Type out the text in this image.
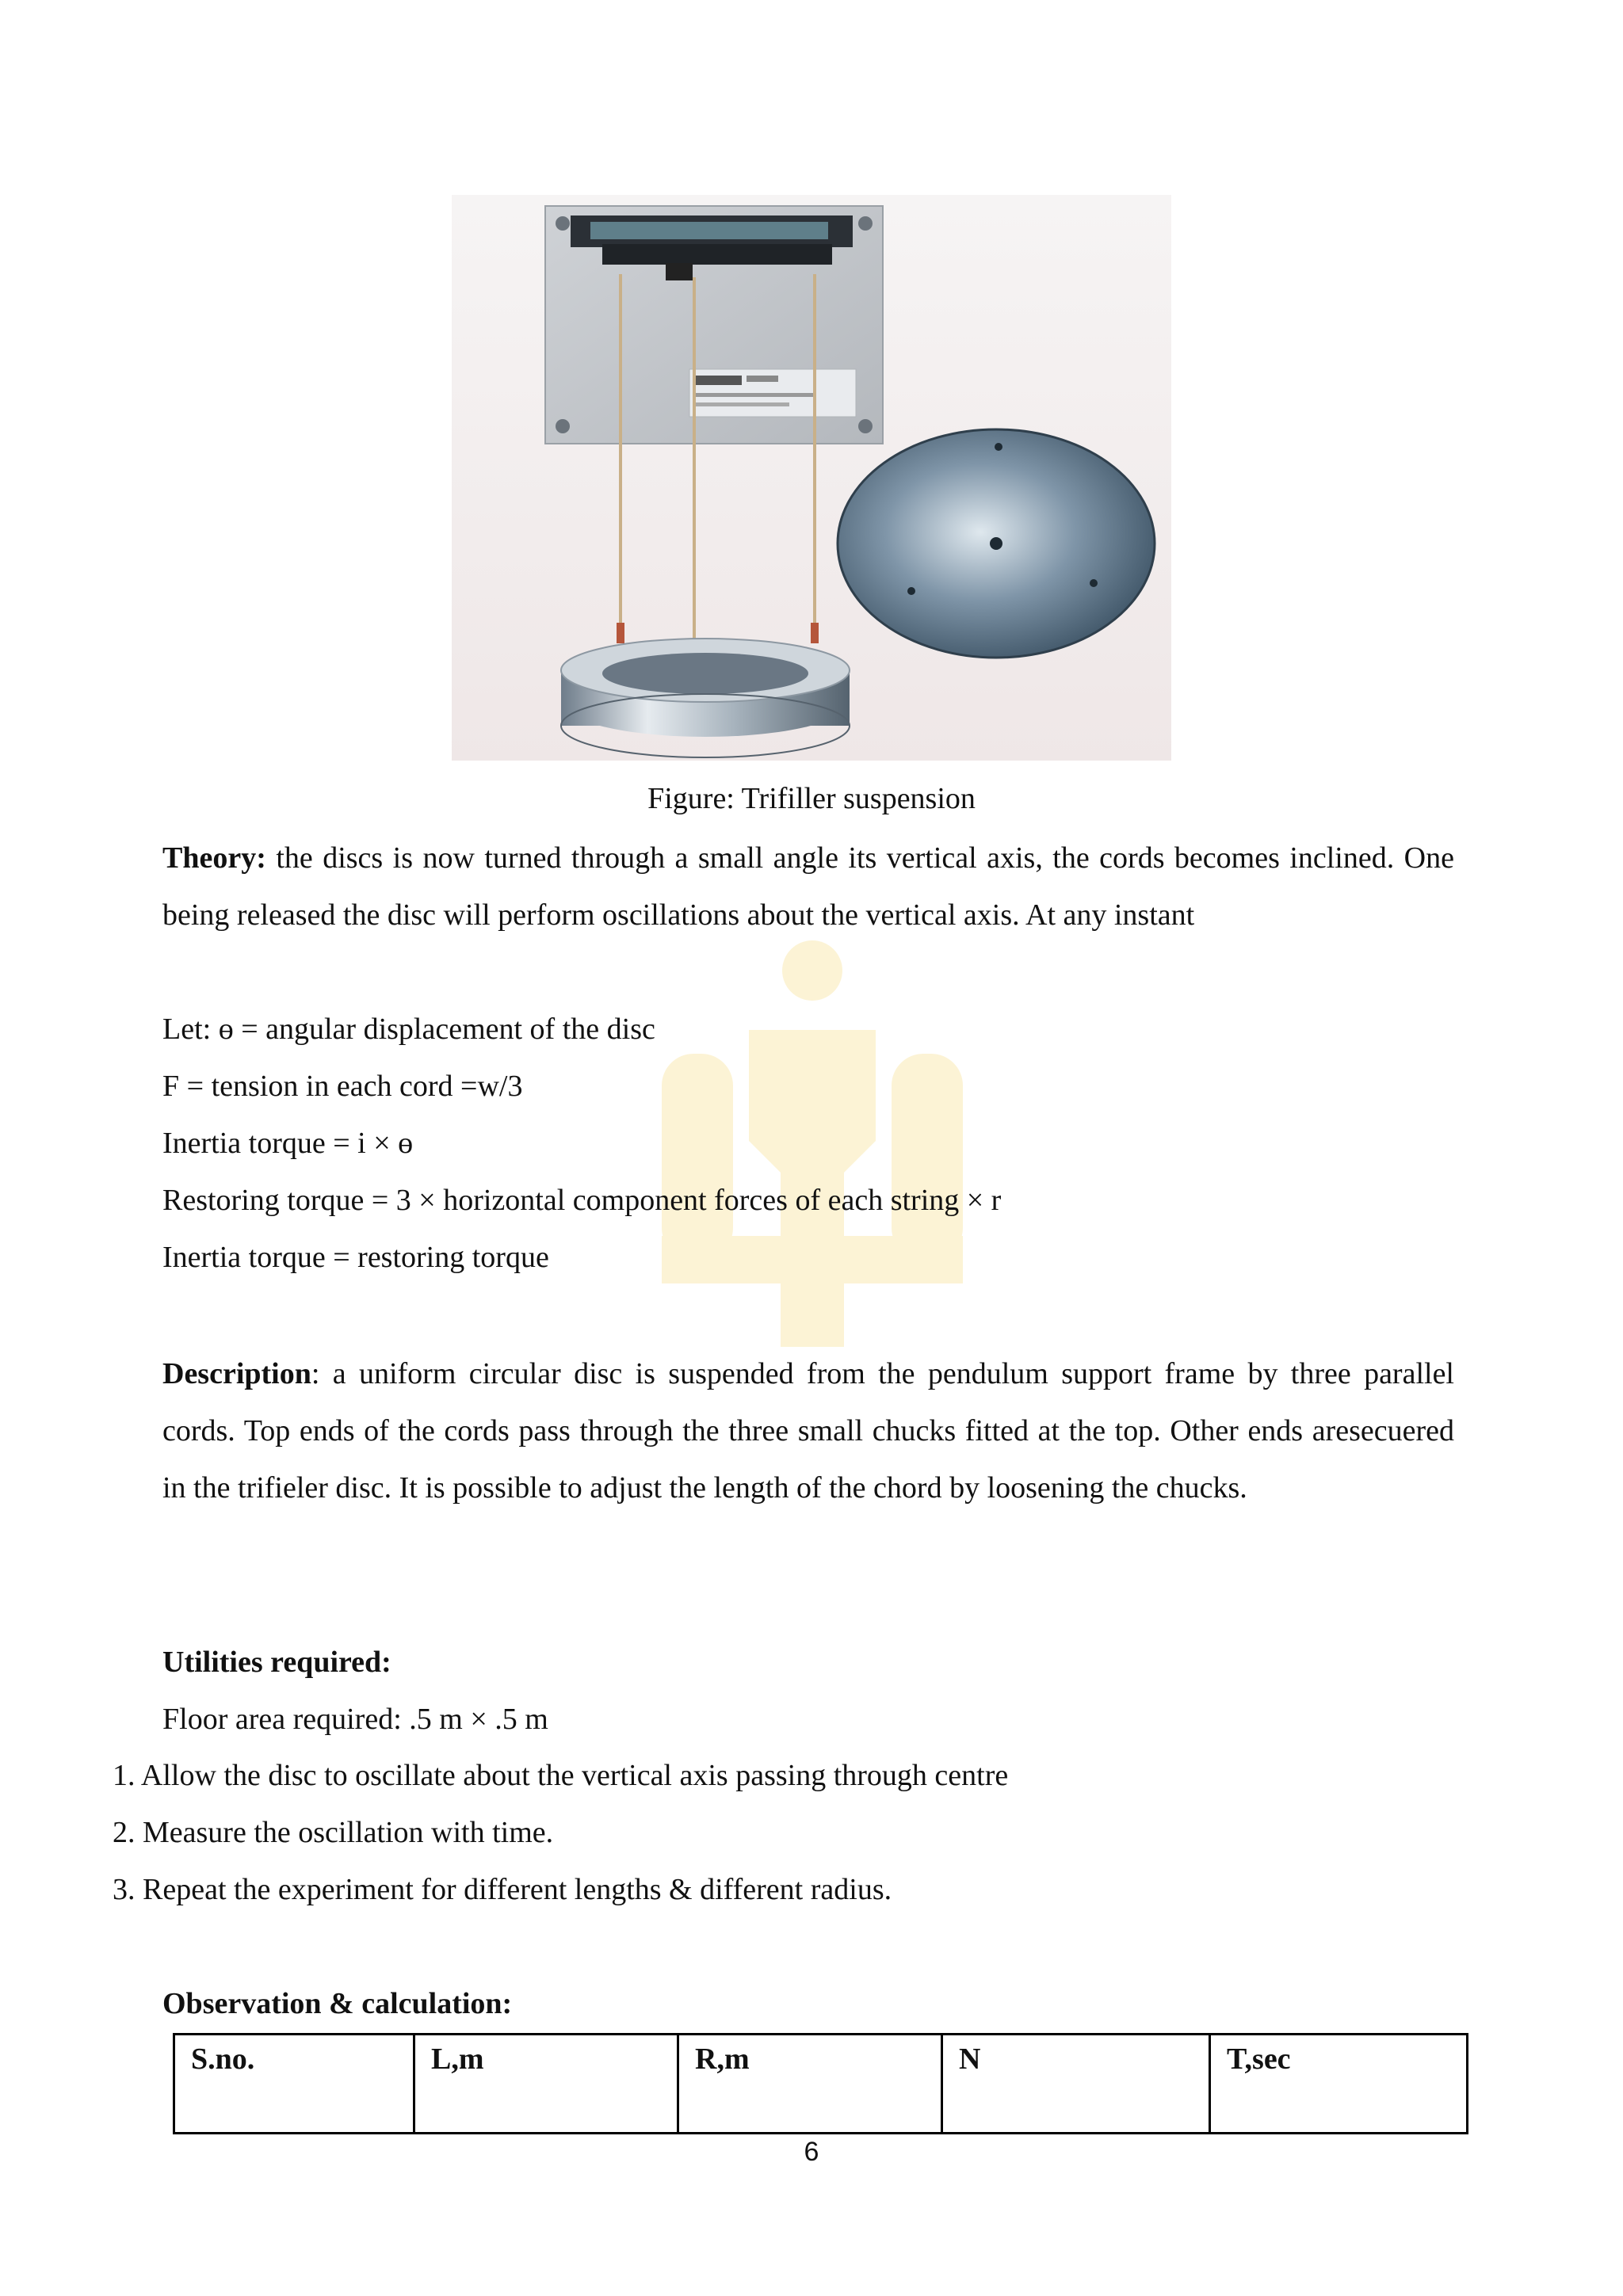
Figure: Trifiller suspension
Theory: the discs is now turned through a small angle its vertical axis, the cords becomes inclined. One being released the disc will perform oscillations about the vertical axis. At any instant
Let: ɵ = angular displacement of the disc
F = tension in each cord =w/3
Inertia torque = i × ɵ
Restoring torque = 3 × horizontal component forces of each string × r
Inertia torque = restoring torque
Description: a uniform circular disc is suspended from the pendulum support frame by three parallel cords. Top ends of the cords pass through the three small chucks fitted at the top. Other ends aresecuered in the trifieler disc. It is possible to adjust the length of the chord by loosening the chucks.
Utilities required:
Floor area required: .5 m × .5 m
1. Allow the disc to oscillate about the vertical axis passing through centre
2. Measure the oscillation with time.
3. Repeat the experiment for different lengths & different radius.
Observation & calculation:
S.no.	L,m	R,m	N	T,sec
6
